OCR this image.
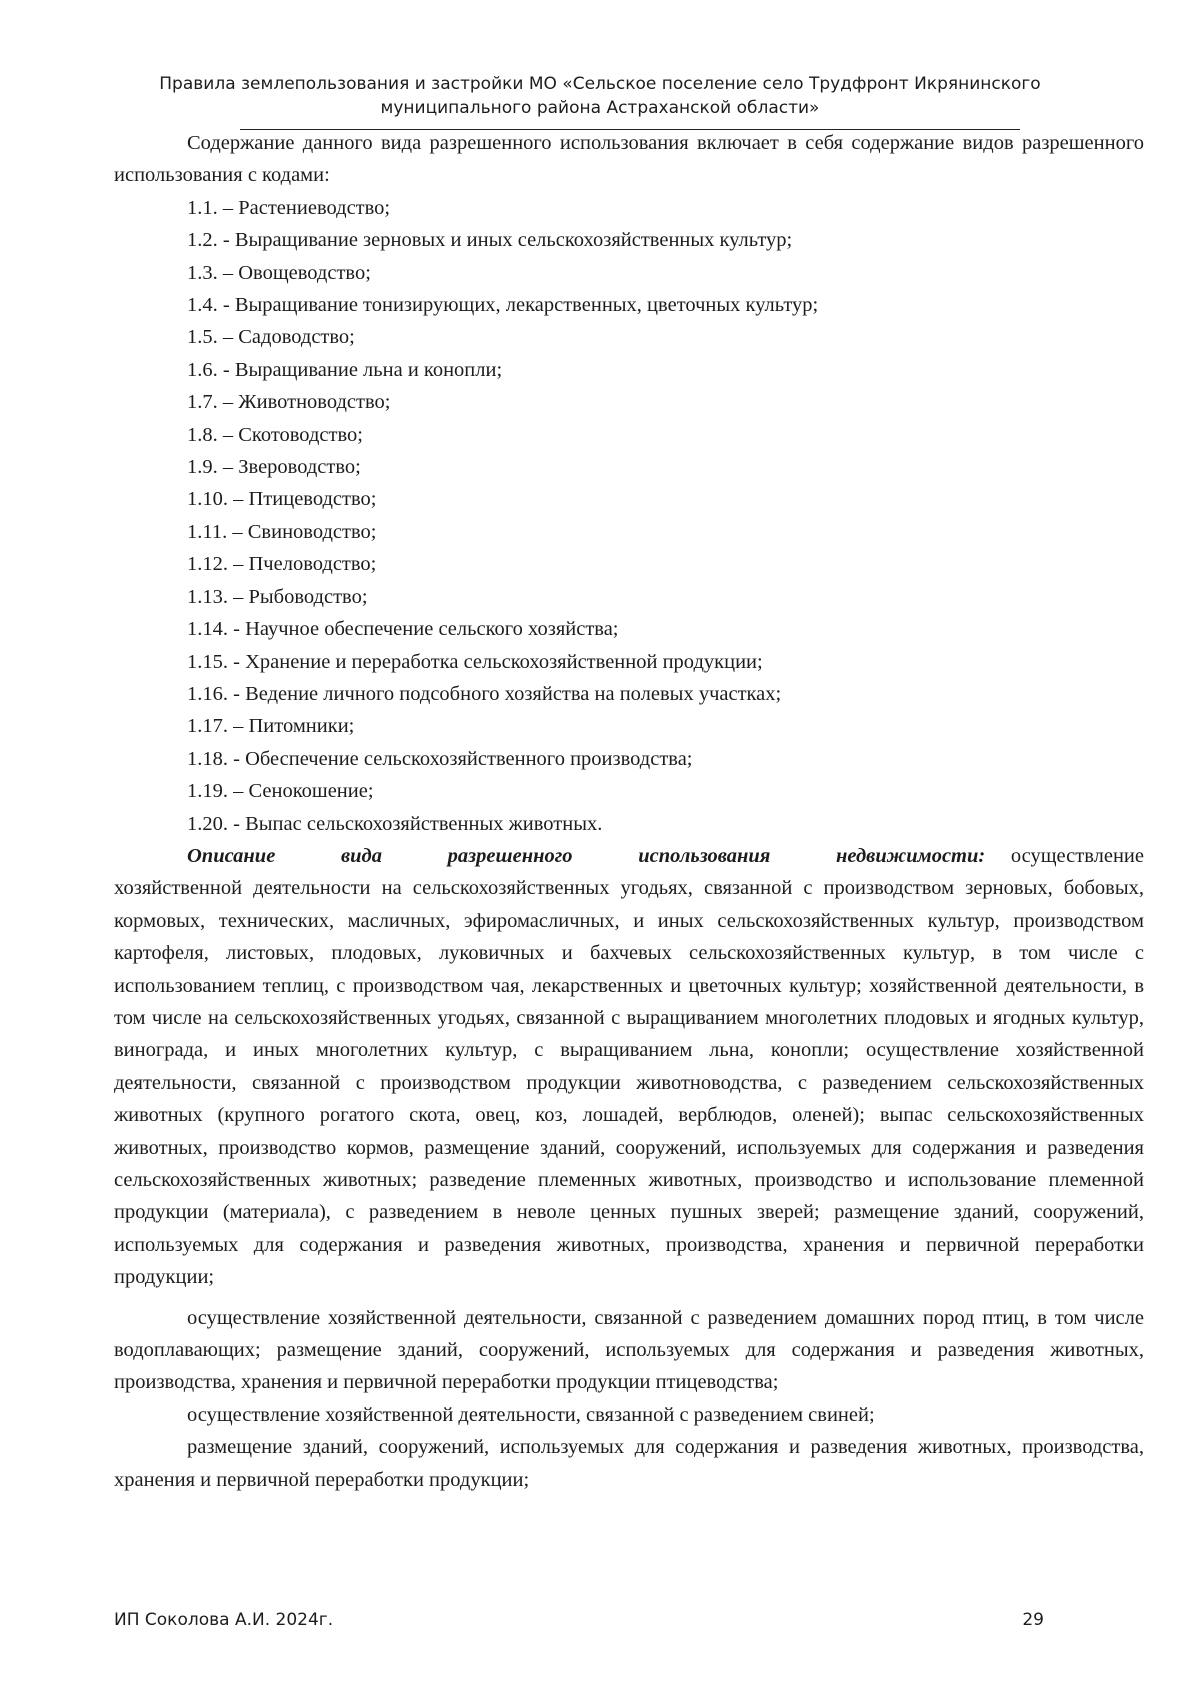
Правила землепользования и застройки МО «Сельское поселение село Трудфронт Икрянинского
муниципального района Астраханской области»

Содержание данного вида разрешенного использования включает в себя содержание видов разрешенного использования с кодами:

1.1. – Растениеводство;
1.2. - Выращивание зерновых и иных сельскохозяйственных культур;
1.3. – Овощеводство;
1.4. - Выращивание тонизирующих, лекарственных, цветочных культур;
1.5. – Садоводство;
1.6. - Выращивание льна и конопли;
1.7. – Животноводство;
1.8. – Скотоводство;
1.9. – Звероводство;
1.10. – Птицеводство;
1.11. – Свиноводство;
1.12. – Пчеловодство;
1.13. – Рыбоводство;
1.14. - Научное обеспечение сельского хозяйства;
1.15. - Хранение и переработка сельскохозяйственной продукции;
1.16. - Ведение личного подсобного хозяйства на полевых участках;
1.17. – Питомники;
1.18. - Обеспечение сельскохозяйственного производства;
1.19. – Сенокошение;
1.20. - Выпас сельскохозяйственных животных.

Описание вида разрешенного использования недвижимости: осуществление хозяйственной деятельности на сельскохозяйственных угодьях, связанной с производством зерновых, бобовых, кормовых, технических, масличных, эфиромасличных, и иных сельскохозяйственных культур, производством картофеля, листовых, плодовых, луковичных и бахчевых сельскохозяйственных культур, в том числе с использованием теплиц, с производством чая, лекарственных и цветочных культур; хозяйственной деятельности, в том числе на сельскохозяйственных угодьях, связанной с выращиванием многолетних плодовых и ягодных культур, винограда, и иных многолетних культур, с выращиванием льна, конопли; осуществление хозяйственной деятельности, связанной с производством продукции животноводства, с разведением сельскохозяйственных животных (крупного рогатого скота, овец, коз, лошадей, верблюдов, оленей); выпас сельскохозяйственных животных, производство кормов, размещение зданий, сооружений, используемых для содержания и разведения сельскохозяйственных животных; разведение племенных животных, производство и использование племенной продукции (материала), с разведением в неволе ценных пушных зверей; размещение зданий, сооружений, используемых для содержания и разведения животных, производства, хранения и первичной переработки продукции;

осуществление хозяйственной деятельности, связанной с разведением домашних пород птиц, в том числе водоплавающих; размещение зданий, сооружений, используемых для содержания и разведения животных, производства, хранения и первичной переработки продукции птицеводства;

осуществление хозяйственной деятельности, связанной с разведением свиней;

размещение зданий, сооружений, используемых для содержания и разведения животных, производства, хранения и первичной переработки продукции;

ИП Соколова А.И. 2024г.	29
